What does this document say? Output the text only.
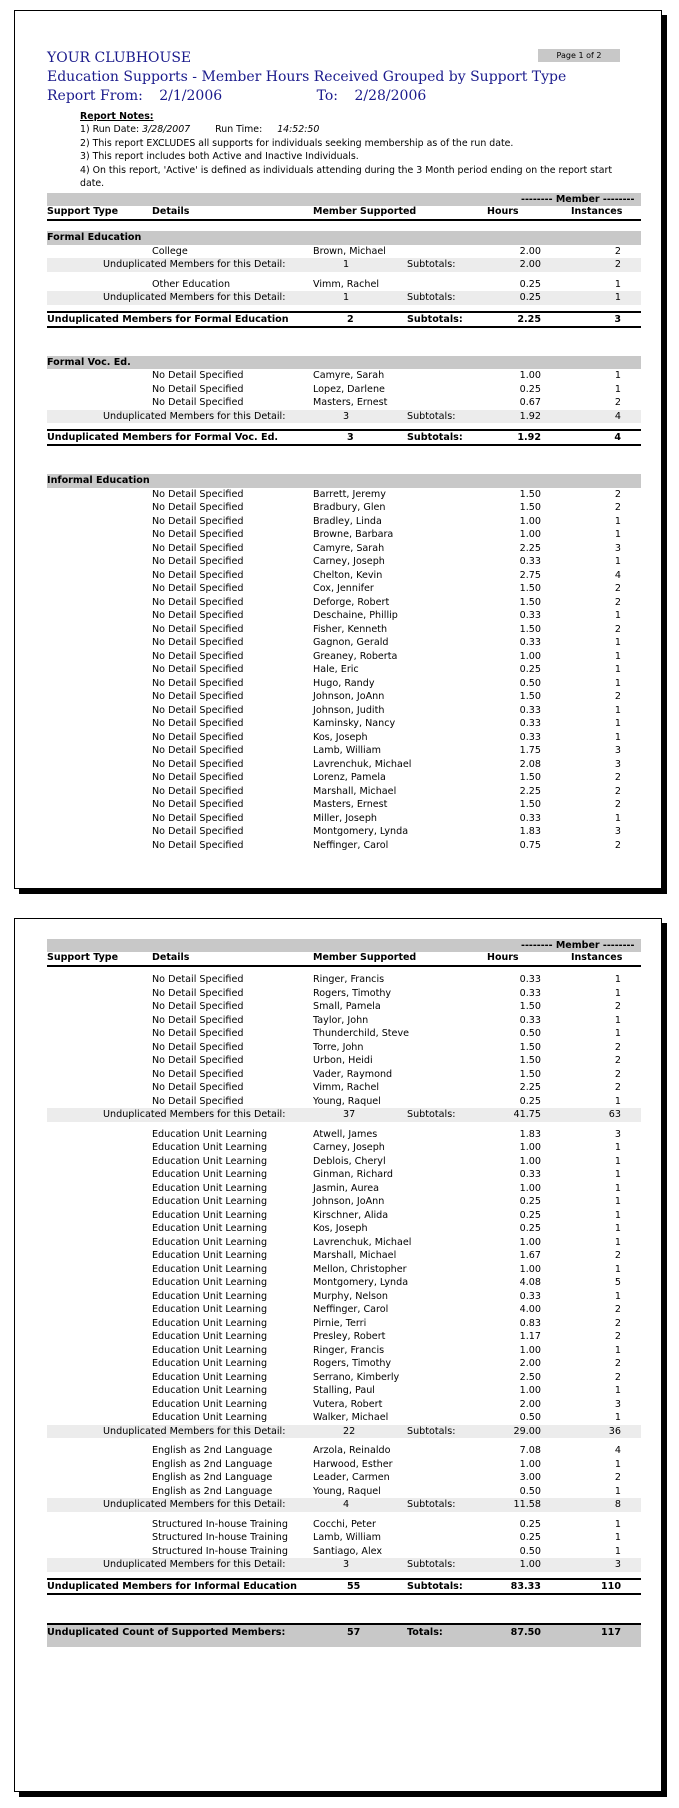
YOUR CLUBHOUSE
Education Supports - Member Hours Received Grouped by Support Type
Report From: 2/1/2006	To: 2/28/2006
Page 1 of 2
Report Notes:
1) Run Date: 3/28/2007	Run Time: 14:52:50
2) This report EXCLUDES all supports for individuals seeking membership as of the run date.
3) This report includes both Active and Inactive Individuals.
4) On this report, 'Active' is defined as individuals attending during the 3 Month period ending on the report start date.
-------- Member --------
Support Type	Details	Member Supported	Hours	Instances
Formal Education
College	Brown, Michael	2.00	2
Unduplicated Members for this Detail:	1	Subtotals:	2.00	2
Other Education	Vimm, Rachel	0.25	1
Unduplicated Members for this Detail:	1	Subtotals:	0.25	1
Unduplicated Members for Formal Education	2	Subtotals:	2.25	3
Formal Voc. Ed.
No Detail Specified	Camyre, Sarah	1.00	1
No Detail Specified	Lopez, Darlene	0.25	1
No Detail Specified	Masters, Ernest	0.67	2
Unduplicated Members for this Detail:	3	Subtotals:	1.92	4
Unduplicated Members for Formal Voc. Ed.	3	Subtotals:	1.92	4
Informal Education
No Detail Specified	Barrett, Jeremy	1.50	2
No Detail Specified	Bradbury, Glen	1.50	2
No Detail Specified	Bradley, Linda	1.00	1
No Detail Specified	Browne, Barbara	1.00	1
No Detail Specified	Camyre, Sarah	2.25	3
No Detail Specified	Carney, Joseph	0.33	1
No Detail Specified	Chelton, Kevin	2.75	4
No Detail Specified	Cox, Jennifer	1.50	2
No Detail Specified	Deforge, Robert	1.50	2
No Detail Specified	Deschaine, Phillip	0.33	1
No Detail Specified	Fisher, Kenneth	1.50	2
No Detail Specified	Gagnon, Gerald	0.33	1
No Detail Specified	Greaney, Roberta	1.00	1
No Detail Specified	Hale, Eric	0.25	1
No Detail Specified	Hugo, Randy	0.50	1
No Detail Specified	Johnson, JoAnn	1.50	2
No Detail Specified	Johnson, Judith	0.33	1
No Detail Specified	Kaminsky, Nancy	0.33	1
No Detail Specified	Kos, Joseph	0.33	1
No Detail Specified	Lamb, William	1.75	3
No Detail Specified	Lavrenchuk, Michael	2.08	3
No Detail Specified	Lorenz, Pamela	1.50	2
No Detail Specified	Marshall, Michael	2.25	2
No Detail Specified	Masters, Ernest	1.50	2
No Detail Specified	Miller, Joseph	0.33	1
No Detail Specified	Montgomery, Lynda	1.83	3
No Detail Specified	Neffinger, Carol	0.75	2
-------- Member --------
Support Type	Details	Member Supported	Hours	Instances
No Detail Specified	Ringer, Francis	0.33	1
No Detail Specified	Rogers, Timothy	0.33	1
No Detail Specified	Small, Pamela	1.50	2
No Detail Specified	Taylor, John	0.33	1
No Detail Specified	Thunderchild, Steve	0.50	1
No Detail Specified	Torre, John	1.50	2
No Detail Specified	Urbon, Heidi	1.50	2
No Detail Specified	Vader, Raymond	1.50	2
No Detail Specified	Vimm, Rachel	2.25	2
No Detail Specified	Young, Raquel	0.25	1
Unduplicated Members for this Detail:	37	Subtotals:	41.75	63
Education Unit Learning	Atwell, James	1.83	3
Education Unit Learning	Carney, Joseph	1.00	1
Education Unit Learning	Deblois, Cheryl	1.00	1
Education Unit Learning	Ginman, Richard	0.33	1
Education Unit Learning	Jasmin, Aurea	1.00	1
Education Unit Learning	Johnson, JoAnn	0.25	1
Education Unit Learning	Kirschner, Alida	0.25	1
Education Unit Learning	Kos, Joseph	0.25	1
Education Unit Learning	Lavrenchuk, Michael	1.00	1
Education Unit Learning	Marshall, Michael	1.67	2
Education Unit Learning	Mellon, Christopher	1.00	1
Education Unit Learning	Montgomery, Lynda	4.08	5
Education Unit Learning	Murphy, Nelson	0.33	1
Education Unit Learning	Neffinger, Carol	4.00	2
Education Unit Learning	Pirnie, Terri	0.83	2
Education Unit Learning	Presley, Robert	1.17	2
Education Unit Learning	Ringer, Francis	1.00	1
Education Unit Learning	Rogers, Timothy	2.00	2
Education Unit Learning	Serrano, Kimberly	2.50	2
Education Unit Learning	Stalling, Paul	1.00	1
Education Unit Learning	Vutera, Robert	2.00	3
Education Unit Learning	Walker, Michael	0.50	1
Unduplicated Members for this Detail:	22	Subtotals:	29.00	36
English as 2nd Language	Arzola, Reinaldo	7.08	4
English as 2nd Language	Harwood, Esther	1.00	1
English as 2nd Language	Leader, Carmen	3.00	2
English as 2nd Language	Young, Raquel	0.50	1
Unduplicated Members for this Detail:	4	Subtotals:	11.58	8
Structured In-house Training	Cocchi, Peter	0.25	1
Structured In-house Training	Lamb, William	0.25	1
Structured In-house Training	Santiago, Alex	0.50	1
Unduplicated Members for this Detail:	3	Subtotals:	1.00	3
Unduplicated Members for Informal Education	55	Subtotals:	83.33	110
Unduplicated Count of Supported Members:	57	Totals:	87.50	117
